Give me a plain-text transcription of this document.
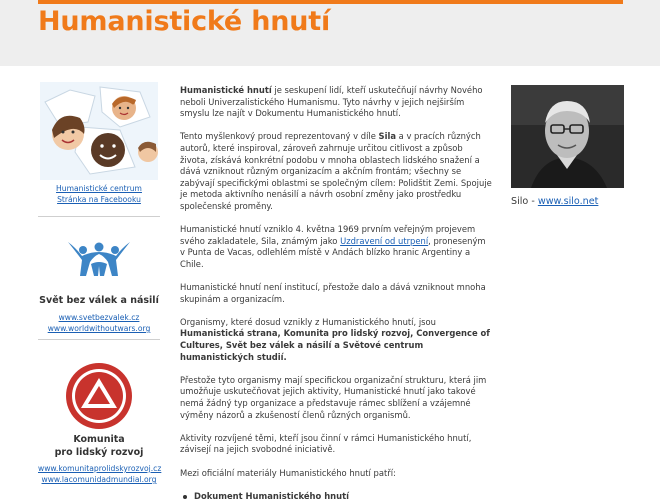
Humanistické hnutí
Humanistické centrum
Stránka na Facebooku
Svět bez válek a násilí
www.svetbezvalek.cz
www.worldwithoutwars.org
Komunita
pro lidský rozvoj
www.komunitaprolidskyrozvoj.cz
www.lacomunidadmundial.org

Humanistické hnutí je seskupení lidí, kteří uskutečňují návrhy Nového neboli Univerzalistického Humanismu. Tyto návrhy v jejich nejširším smyslu lze najít v Dokumentu Humanistického hnutí.

Tento myšlenkový proud reprezentovaný v díle Sila a v pracích různých autorů, které inspiroval, zároveň zahrnuje určitou citlivost a způsob života, získává konkrétní podobu v mnoha oblastech lidského snažení a dává vzniknout různým organizacím a akčním frontám; všechny se zabývají specifickými oblastmi se společným cílem: Polidštit Zemi. Spojuje je metoda aktivního nenásilí a návrh osobní změny jako prostředku společenské proměny.

Humanistické hnutí vzniklo 4. května 1969 prvním veřejným projevem svého zakladatele, Sila, známým jako Uzdravení od utrpení, proneseným v Punta de Vacas, odlehlém místě v Andách blízko hranic Argentiny a Chile.

Humanistické hnutí není institucí, přestože dalo a dává vzniknout mnoha skupinám a organizacím.

Organismy, které dosud vznikly z Humanistického hnutí, jsou Humanistická strana, Komunita pro lidský rozvoj, Convergence of Cultures, Svět bez válek a násilí a Světové centrum humanistických studií.

Přestože tyto organismy mají specifickou organizační strukturu, která jim umožňuje uskutečňovat jejich aktivity, Humanistické hnutí jako takové nemá žádný typ organizace a představuje rámec sblížení a vzájemné výměny názorů a zkušeností členů různých organismů.

Aktivity rozvíjené těmi, kteří jsou činní v rámci Humanistického hnutí, závisejí na jejich svobodné iniciativě.

Mezi oficiální materiály Humanistického hnutí patří:

Dokument Humanistického hnutí
Silo - www.silo.net
